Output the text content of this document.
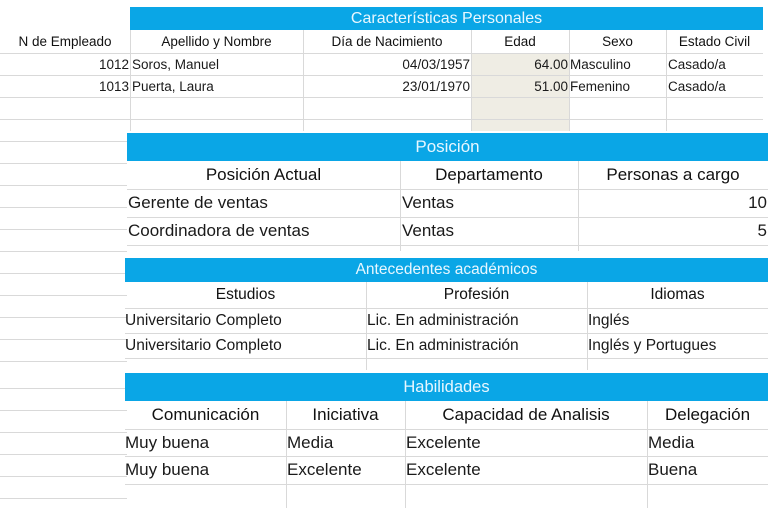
Características Personales
N de Empleado	Apellido y Nombre	Día de Nacimiento	Edad	Sexo	Estado Civil
1012 Soros, Manuel	04/03/1957	64.00 Masculino	Casado/a
1013 Puerta, Laura	23/01/1970	51.00 Femenino	Casado/a
Posición
Posición Actual	Departamento	Personas a cargo
Gerente de ventas	Ventas	10
Coordinadora de ventas	Ventas	5
Antecedentes académicos
Estudios	Profesión	Idiomas
Universitario Completo	Lic. En administración	Inglés
Universitario Completo	Lic. En administración	Inglés y Portugues
Habilidades
Comunicación	Iniciativa	Capacidad de Analisis	Delegación
Muy buena	Media	Excelente	Media
Muy buena	Excelente	Excelente	Buena
